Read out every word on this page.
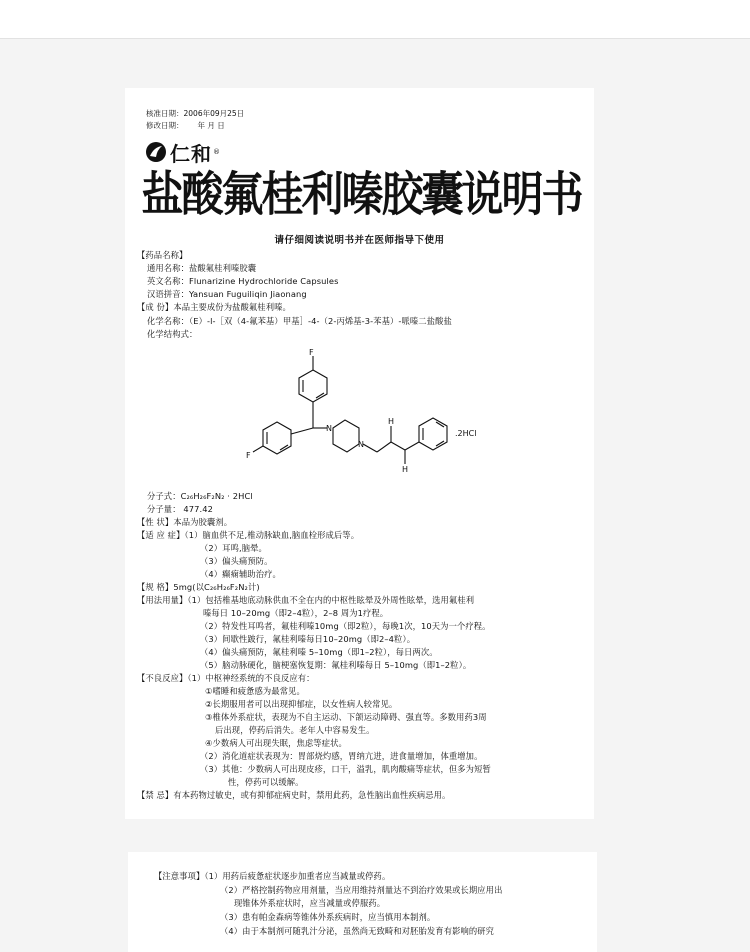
核准日期：2006年09月25日
修改日期： 年 月 日
仁和 ®
盐酸氟桂利嗪胶囊说明书
请仔细阅读说明书并在医师指导下使用
【药品名称】
通用名称：盐酸氟桂利嗪胶囊
英文名称：Flunarizine Hydrochloride Capsules
汉语拼音：Yansuan Fuguiliqin Jiaonang
【成 份】本品主要成份为盐酸氟桂利嗪。
化学名称：（E）-l-［双（4-氟苯基）甲基］-4-（2-丙烯基-3-苯基）-哌嗪二盐酸盐
化学结构式：
F
F
N
N
H
H
.2HCl
分子式：C₂₆H₂₆F₂N₂ · 2HCl
分子量： 477.42
【性 状】本品为胶囊剂。
【适 应 症】（1）脑血供不足,椎动脉缺血,脑血栓形成后等。
（2）耳鸣,脑晕。
（3）偏头痛预防。
（4）癫痫辅助治疗。
【规 格】5mg(以C₂₆H₂₆F₂N₂计)
【用法用量】（1）包括椎基地底动脉供血不全在内的中枢性眩晕及外周性眩晕，选用氟桂利
嗪每日 10–20mg（即2–4粒），2–8 周为1疗程。
（2）特发性耳鸣者，氟桂利嗪10mg（即2粒），每晚1次，10天为一个疗程。
（3）间歇性跛行，氟桂利嗪每日10–20mg（即2–4粒）。
（4）偏头痛预防，氟桂利嗪 5–10mg（即1–2粒），每日两次。
（5）脑动脉硬化，脑梗塞恢复期：氟桂利嗪每日 5–10mg（即1–2粒）。
【不良反应】（1）中枢神经系统的不良反应有：
①嗜睡和疲惫感为最常见。
②长期服用者可以出现抑郁症，以女性病人较常见。
③椎体外系症状，表现为不自主运动、下颌运动障碍、强直等。多数用药3周
后出现，停药后消失。老年人中容易发生。
④少数病人可出现失眠，焦虑等症状。
（2）消化道症状表现为：胃部烧灼感，胃纳亢进，进食量增加，体重增加。
（3）其他：少数病人可出现皮疹，口干，溢乳，肌肉酸痛等症状，但多为短暂
性，停药可以缓解。
【禁 忌】有本药物过敏史，或有抑郁症病史时，禁用此药，急性脑出血性疾病忌用。
【注意事项】（1）用药后疲惫症状逐步加重者应当减量或停药。
（2）严格控制药物应用剂量，当应用维持剂量达不到治疗效果或长期应用出
现锥体外系症状时，应当减量或停服药。
（3）患有帕金森病等锥体外系疾病时，应当慎用本制剂。
（4）由于本制剂可随乳汁分泌，虽然尚无致畸和对胚胎发育有影响的研究
